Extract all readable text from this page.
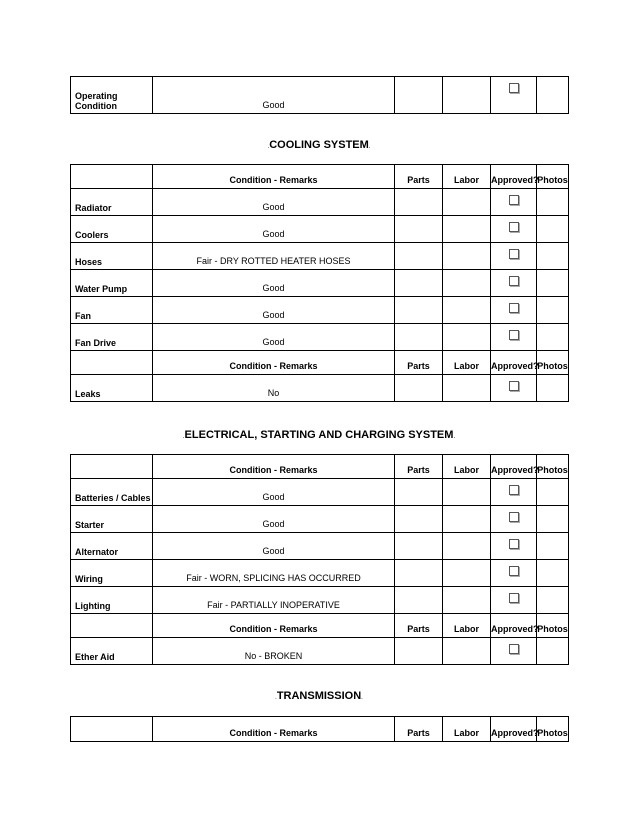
Operating Condition	Good				
.COOLING SYSTEM.
	Condition - Remarks	Parts	Labor	Approved?	Photos
Radiator	Good				
Coolers	Good				
Hoses	Fair - DRY ROTTED HEATER HOSES				
Water Pump	Good				
Fan	Good				
Fan Drive	Good				
	Condition - Remarks	Parts	Labor	Approved?	Photos
Leaks	No				
.ELECTRICAL, STARTING AND CHARGING SYSTEM.
	Condition - Remarks	Parts	Labor	Approved?	Photos
Batteries / Cables	Good				
Starter	Good				
Alternator	Good				
Wiring	Fair - WORN, SPLICING HAS OCCURRED				
Lighting	Fair - PARTIALLY INOPERATIVE				
	Condition - Remarks	Parts	Labor	Approved?	Photos
Ether Aid	No - BROKEN				
.TRANSMISSION.
	Condition - Remarks	Parts	Labor	Approved?	Photos
